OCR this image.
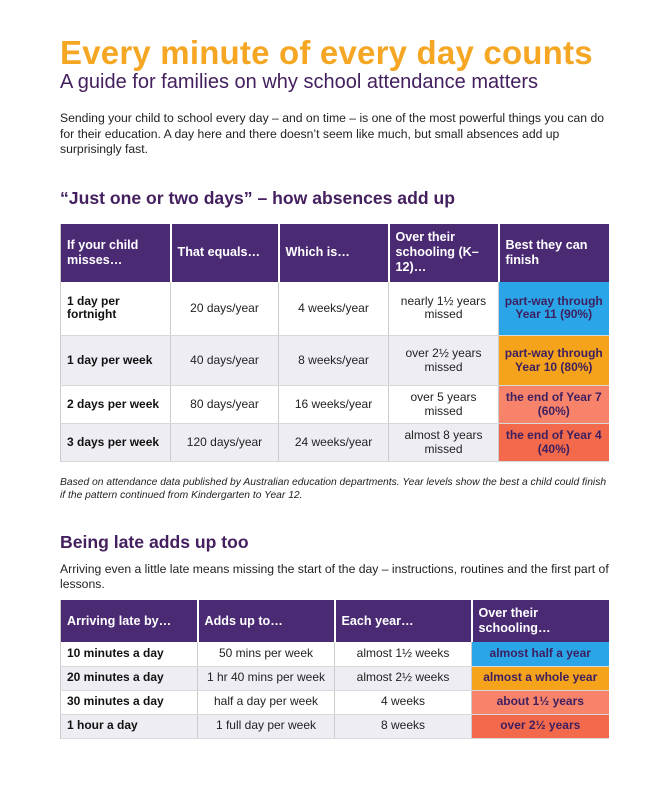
Every minute of every day counts
A guide for families on why school attendance matters

Sending your child to school every day – and on time – is one of the most powerful things you can do for their education. A day here and there doesn’t seem like much, but small absences add up surprisingly fast.

“Just one or two days” – how absences add up
If your child misses…	That equals…	Which is…	Over their schooling (K–12)…	Best they can finish
1 day per fortnight	20 days/year	4 weeks/year	nearly 1½ years missed	part-way through Year 11 (90%)
1 day per week	40 days/year	8 weeks/year	over 2½ years missed	part-way through Year 10 (80%)
2 days per week	80 days/year	16 weeks/year	over 5 years missed	the end of Year 7 (60%)
3 days per week	120 days/year	24 weeks/year	almost 8 years missed	the end of Year 4 (40%)

Based on attendance data published by Australian education departments. Year levels show the best a child could finish if the pattern continued from Kindergarten to Year 12.

Being late adds up too

Arriving even a little late means missing the start of the day – instructions, routines and the first part of lessons.

Arriving late by…	Adds up to…	Each year…	Over their schooling…
10 minutes a day	50 mins per week	almost 1½ weeks	almost half a year
20 minutes a day	1 hr 40 mins per week	almost 2½ weeks	almost a whole year
30 minutes a day	half a day per week	4 weeks	about 1½ years
1 hour a day	1 full day per week	8 weeks	over 2½ years
